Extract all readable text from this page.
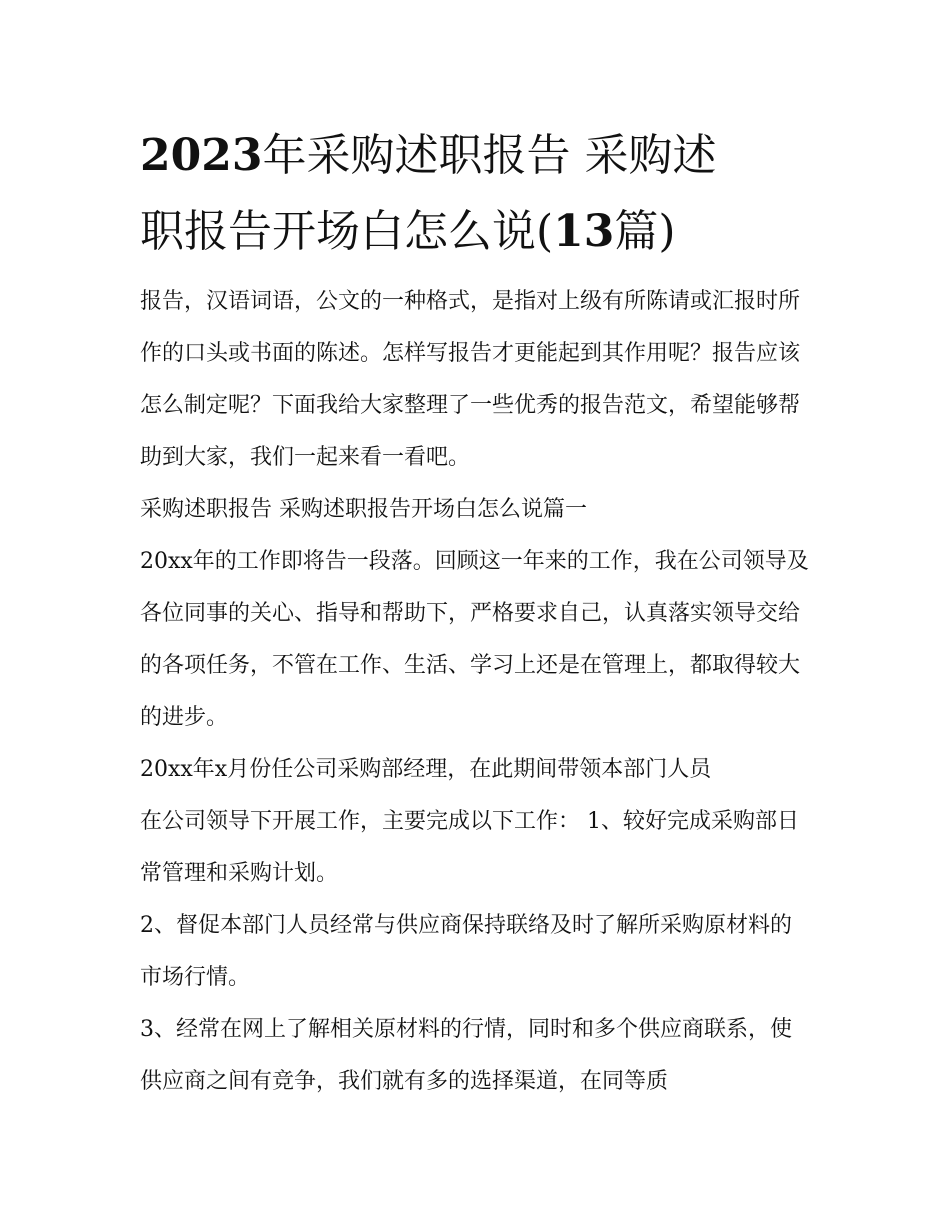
2023年采购述职报告 采购述
职报告开场白怎么说(13篇)

报告，汉语词语，公文的一种格式，是指对上级有所陈请或汇报时所作的口头或书面的陈述。怎样写报告才更能起到其作用呢？报告应该怎么制定呢？下面我给大家整理了一些优秀的报告范文，希望能够帮助到大家，我们一起来看一看吧。

采购述职报告 采购述职报告开场白怎么说篇一

20xx年的工作即将告一段落。回顾这一年来的工作，我在公司领导及各位同事的关心、指导和帮助下，严格要求自己，认真落实领导交给的各项任务，不管在工作、生活、学习上还是在管理上，都取得较大的进步。

20xx年x月份任公司采购部经理，在此期间带领本部门人员

在公司领导下开展工作，主要完成以下工作： 1、较好完成采购部日常管理和采购计划。

2、督促本部门人员经常与供应商保持联络及时了解所采购原材料的市场行情。

3、经常在网上了解相关原材料的行情，同时和多个供应商联系，使供应商之间有竞争，我们就有多的选择渠道，在同等质
